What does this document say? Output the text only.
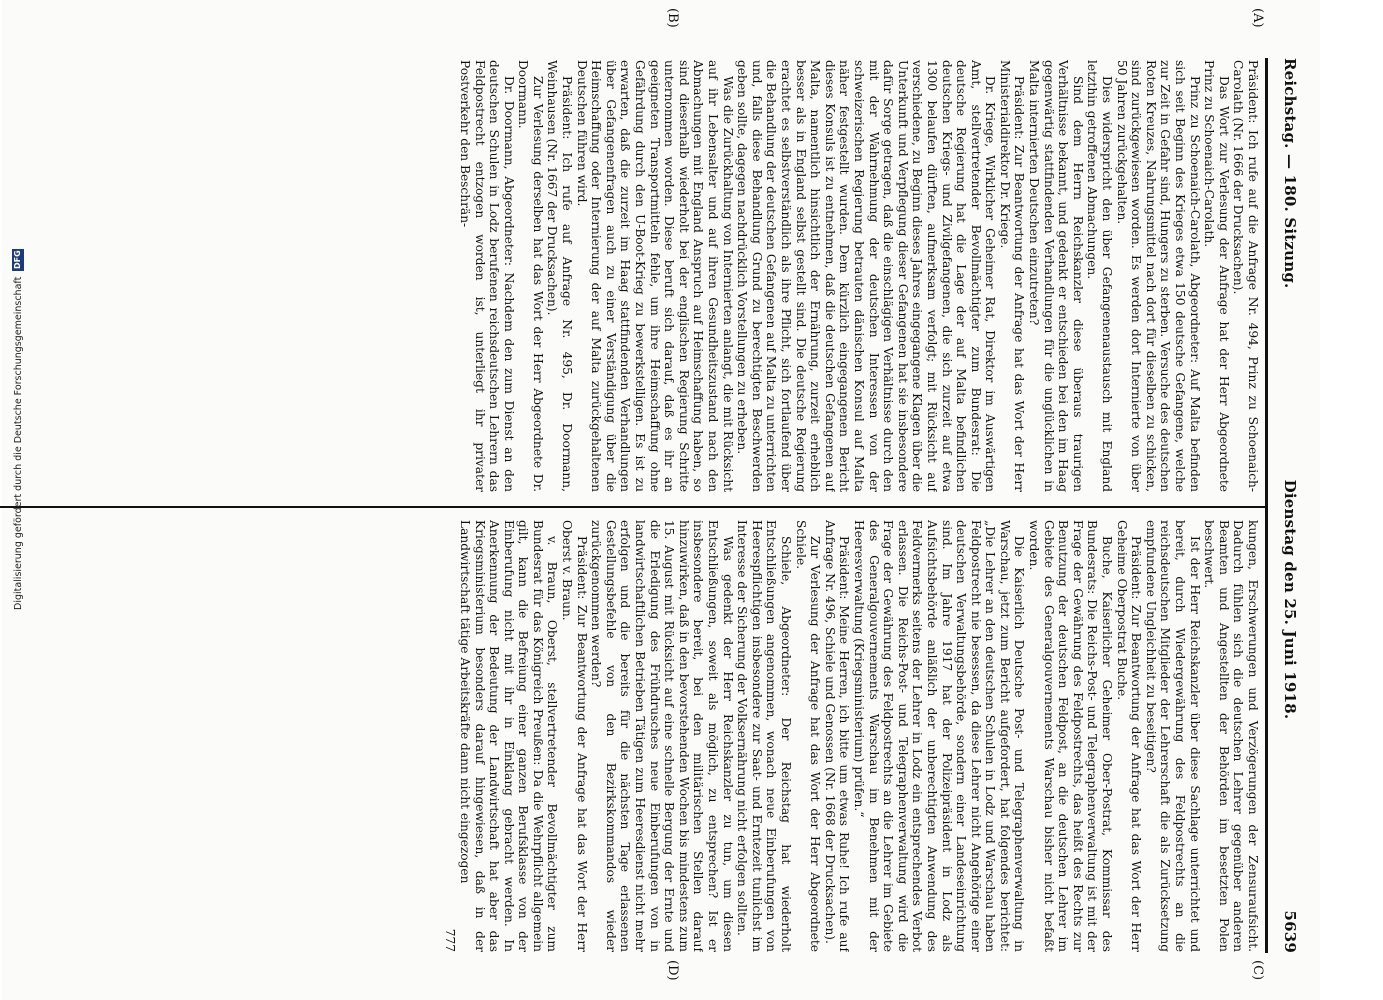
Reichstag. — 180. Sitzung.
Dienstag den 25. Juni 1918.
5639
(A)
(B)
(C)
(D)

Präsident: Ich rufe auf die Anfrage Nr. 494, Prinz zu Schoenaich-Carolath (Nr. 1666 der Drucksachen).

Das Wort zur Verlesung der Anfrage hat der Herr Abgeordnete Prinz zu Schoenaich-Carolath.

Prinz zu Schoenaich-Carolath, Abgeordneter: Auf Malta befinden sich seit Beginn des Krieges etwa 150 deutsche Gefangene, welche zur Zeit in Gefahr sind, Hungers zu sterben. Versuche des deutschen Roten Kreuzes, Nahrungsmittel nach dort für dieselben zu schicken, sind zurückgewiesen worden. Es werden dort Internierte von über 50 Jahren zurückgehalten.

Dies widerspricht den über Gefangenenaustausch mit England letzthin getroffenen Abmachungen.

Sind dem Herrn Reichskanzler diese überaus traurigen Verhältnisse bekannt, und gedenkt er entschieden bei den im Haag gegenwärtig stattfindenden Verhandlungen für die unglücklichen in Malta internierten Deutschen einzutreten?

Präsident: Zur Beantwortung der Anfrage hat das Wort der Herr Ministerialdirektor Dr. Kriege.

Dr. Kriege, Wirklicher Geheimer Rat, Direktor im Auswärtigen Amt, stellvertretender Bevollmächtigter zum Bundesrat: Die deutsche Regierung hat die Lage der auf Malta befindlichen deutschen Kriegs- und Zivilgefangenen, die sich zurzeit auf etwa 1300 belaufen dürften, aufmerksam verfolgt; mit Rücksicht auf verschiedene, zu Beginn dieses Jahres eingegangene Klagen über die Unterkunft und Verpflegung dieser Gefangenen hat sie insbesondere dafür Sorge getragen, daß die einschlägigen Verhältnisse durch den mit der Wahrnehmung der deutschen Interessen von der schweizerischen Regierung betrauten dänischen Konsul auf Malta näher festgestellt wurden. Dem kürzlich eingegangenen Bericht dieses Konsuls ist zu entnehmen, daß die deutschen Gefangenen auf Malta, namentlich hinsichtlich der Ernährung, zurzeit erheblich besser als in England selbst gestellt sind. Die deutsche Regierung erachtet es selbstverständlich als ihre Pflicht, sich fortlaufend über die Behandlung der deutschen Gefangenen auf Malta zu unterrichten und, falls diese Behandlung Grund zu berechtigten Beschwerden geben sollte, dagegen nachdrücklich Vorstellungen zu erheben.

Was die Zurückhaltung von Internierten anlangt, die mit Rücksicht auf ihr Lebensalter und auf ihren Gesundheitszustand nach den Abmachungen mit England Anspruch auf Heimschaffung haben, so sind dieserhalb wiederholt bei der englischen Regierung Schritte unternommen worden. Diese beruft sich darauf, daß es ihr an geeigneten Transportmitteln fehle, um ihre Heimschaffung ohne Gefährdung durch den U-Boot-Krieg zu bewerkstelligen. Es ist zu erwarten, daß die zurzeit im Haag stattfindenden Verhandlungen über Gefangenenfragen auch zu einer Verständigung über die Heimschaffung oder Internierung der auf Malta zurückgehaltenen Deutschen führen wird.

Präsident: Ich rufe auf Anfrage Nr. 495, Dr. Doormann, Weinhausen (Nr. 1667 der Drucksachen).

Zur Verlesung derselben hat das Wort der Herr Abgeordnete Dr. Doormann.

Dr. Doormann, Abgeordneter: Nachdem den zum Dienst an den deutschen Schulen in Lodz berufenen reichsdeutschen Lehrern das Feldpostrecht entzogen worden ist, unterliegt ihr privater Postverkehr den Beschrän-

kungen, Erschwerungen und Verzögerungen der Zensuraufsicht. Dadurch fühlen sich die deutschen Lehrer gegenüber anderen Beamten und Angestellten der Behörden im besetzten Polen beschwert.

Ist der Herr Reichskanzler über diese Sachlage unterrichtet und bereit, durch Wiedergewährung des Feldpostrechts an die reichsdeutschen Mitglieder der Lehrerschaft die als Zurücksetzung empfundene Ungleichheit zu beseitigen?

Präsident: Zur Beantwortung der Anfrage hat das Wort der Herr Geheime Oberpostrat Buche.

Buche, Kaiserlicher Geheimer Ober-Postrat, Kommissar des Bundesrats: Die Reichs-Post- und Telegraphenverwaltung ist mit der Frage der Gewährung des Feldpostrechts, das heißt des Rechts zur Benutzung der deutschen Feldpost, an die deutschen Lehrer im Gebiete des Generalgouvernements Warschau bisher nicht befaßt worden.

Die Kaiserlich Deutsche Post- und Telegraphenverwaltung in Warschau, jetzt zum Bericht aufgefordert, hat folgendes berichtet: „Die Lehrer an den deutschen Schulen in Lodz und Warschau haben Feldpostrecht nie besessen, da diese Lehrer nicht Angehörige einer deutschen Verwaltungsbehörde, sondern einer Landeseinrichtung sind. Im Jahre 1917 hat der Polizeipräsident in Lodz als Aufsichtsbehörde anläßlich der unberechtigten Anwendung des Feldvermerks seitens der Lehrer in Lodz ein entsprechendes Verbot erlassen. Die Reichs-Post- und Telegraphenverwaltung wird die Frage der Gewährung des Feldpostrechts an die Lehrer im Gebiete des Generalgouvernements Warschau im Benehmen mit der Heeresverwaltung (Kriegsministerium) prüfen.“

Präsident: Meine Herren, ich bitte um etwas Ruhe! Ich rufe auf Anfrage Nr. 496, Schiele und Genossen (Nr. 1668 der Drucksachen).

Zur Verlesung der Anfrage hat das Wort der Herr Abgeordnete Schiele.

Schiele, Abgeordneter: Der Reichstag hat wiederholt Entschließungen angenommen, wonach neue Einberufungen von Heerespflichtigen insbesondere zur Saat- und Erntezeit tunlichst im Interesse der Sicherung der Volksernährung nicht erfolgen sollten.

Was gedenkt der Herr Reichskanzler zu tun, um diesen Entschließungen, soweit als möglich, zu entsprechen? Ist er insbesondere bereit, bei den militärischen Stellen darauf hinzuwirken, daß in den bevorstehenden Wochen bis mindestens zum 15. August mit Rücksicht auf eine schnelle Bergung der Ernte und die Erledigung des Frühdrusches neue Einberufungen von in landwirtschaftlichen Betrieben Tätigen zum Heeresdienst nicht mehr erfolgen und die bereits für die nächsten Tage erlassenen Gestellungsbefehle von den Bezirkskommandos wieder zurückgenommen werden?

Präsident: Zur Beantwortung der Anfrage hat das Wort der Herr Oberst v. Braun.

v. Braun, Oberst, stellvertretender Bevollmächtigter zum Bundesrat für das Königreich Preußen: Da die Wehrpflicht allgemein gilt, kann die Befreiung einer ganzen Berufsklasse von der Einberufung nicht mit ihr in Einklang gebracht werden. In Anerkennung der Bedeutung der Landwirtschaft hat aber das Kriegsministerium besonders darauf hingewiesen, daß in der Landwirtschaft tätige Arbeitskräfte dann nicht eingezogen

777

Digitalisierung gefördert durch die Deutsche Forschungsgemeinschaft
DFG
